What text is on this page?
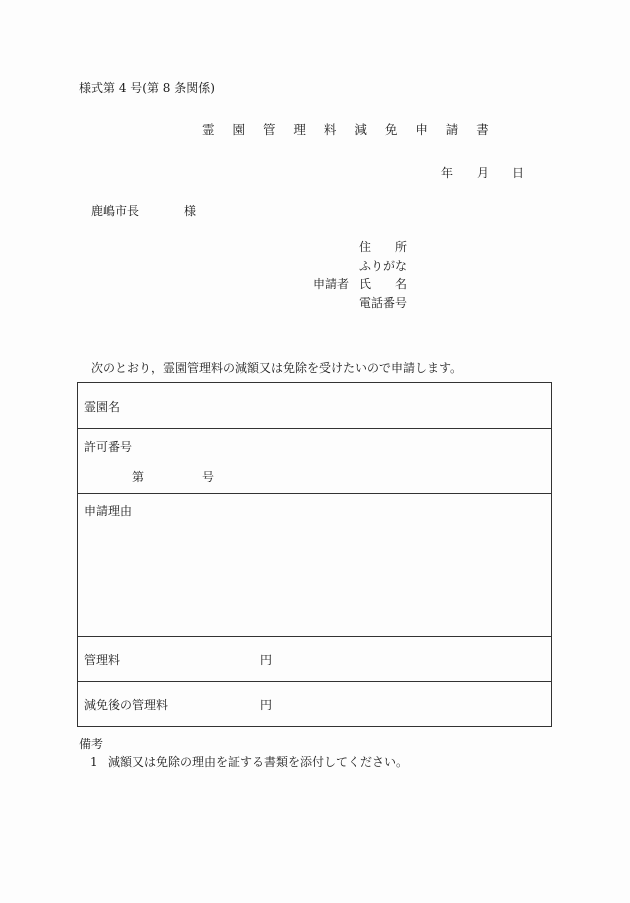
様式第 4 号(第 8 条関係)
霊 園 管 理 料 減 免 申 請 書
年 月 日
鹿嶋市長	様
住　　所
ふりがな
申請者 氏　　名
電話番号
次のとおり，霊園管理料の減額又は免除を受けたいので申請します。
霊園名

許可番号
第	号

申請理由

管理料	円

減免後の管理料	円
備考
1 減額又は免除の理由を証する書類を添付してください。
